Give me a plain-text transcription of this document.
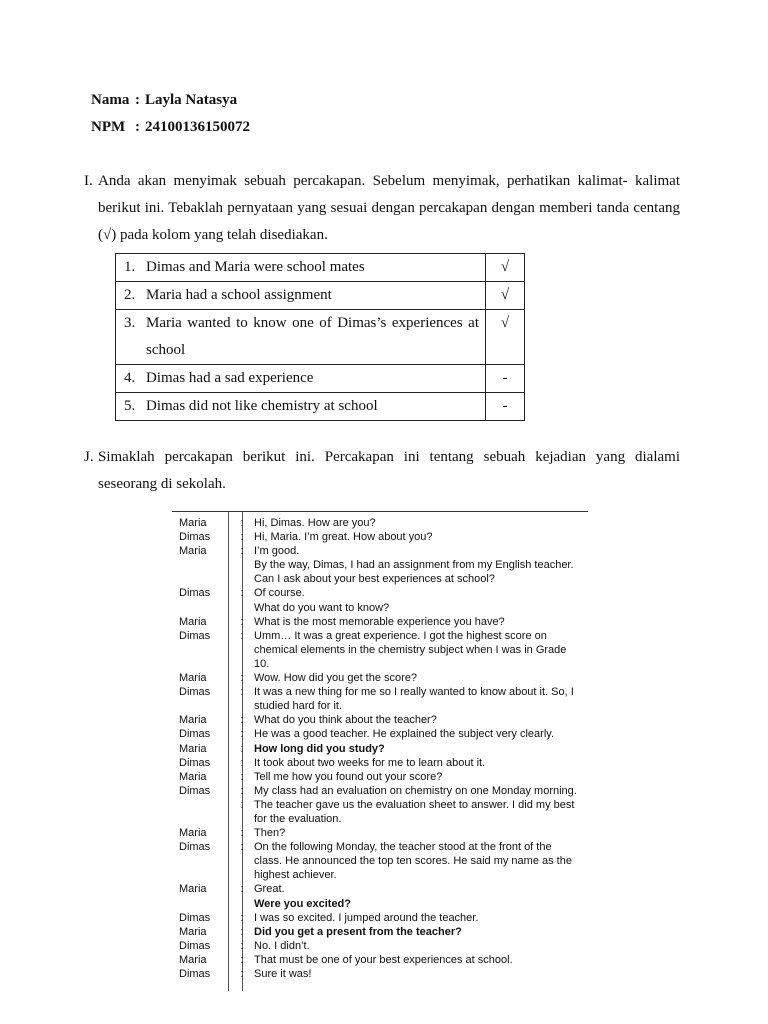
Nama : Layla Natasya
NPM : 24100136150072
I. Anda akan menyimak sebuah percakapan. Sebelum menyimak, perhatikan kalimat- kalimat
berikut ini. Tebaklah pernyataan yang sesuai dengan percakapan dengan memberi tanda centang
(√) pada kolom yang telah disediakan.
1. Dimas and Maria were school mates	√

2. Maria had a school assignment	√

3. Maria wanted to know one of Dimas’s experiences at school	√

4. Dimas had a sad experience	-

5. Dimas did not like chemistry at school	-
J. Simaklah percakapan berikut ini. Percakapan ini tentang sebuah kejadian yang dialami
seseorang di sekolah.
Maria	:	Hi, Dimas. How are you?
Dimas	:	Hi, Maria. I’m great. How about you?
Maria	:	I’m good.
		By the way, Dimas, I had an assignment from my English teacher.
		Can I ask about your best experiences at school?
Dimas	:	Of course.
		What do you want to know?
Maria	:	What is the most memorable experience you have?
Dimas	:	Umm… It was a great experience. I got the highest score on
		chemical elements in the chemistry subject when I was in Grade
		10.
Maria	:	Wow. How did you get the score?
Dimas	:	It was a new thing for me so I really wanted to know about it. So, I
		studied hard for it.
Maria	:	What do you think about the teacher?
Dimas	:	He was a good teacher. He explained the subject very clearly.
Maria	:	How long did you study?
Dimas	:	It took about two weeks for me to learn about it.
Maria	:	Tell me how you found out your score?
Dimas	:	My class had an evaluation on chemistry on one Monday morning.
	:	The teacher gave us the evaluation sheet to answer. I did my best
		for the evaluation.
Maria	:	Then?
Dimas	:	On the following Monday, the teacher stood at the front of the
		class. He announced the top ten scores. He said my name as the
		highest achiever.
Maria	:	Great.
		Were you excited?
Dimas	:	I was so excited. I jumped around the teacher.
Maria	:	Did you get a present from the teacher?
Dimas	:	No. I didn’t.
Maria	:	That must be one of your best experiences at school.
Dimas	:	Sure it was!
